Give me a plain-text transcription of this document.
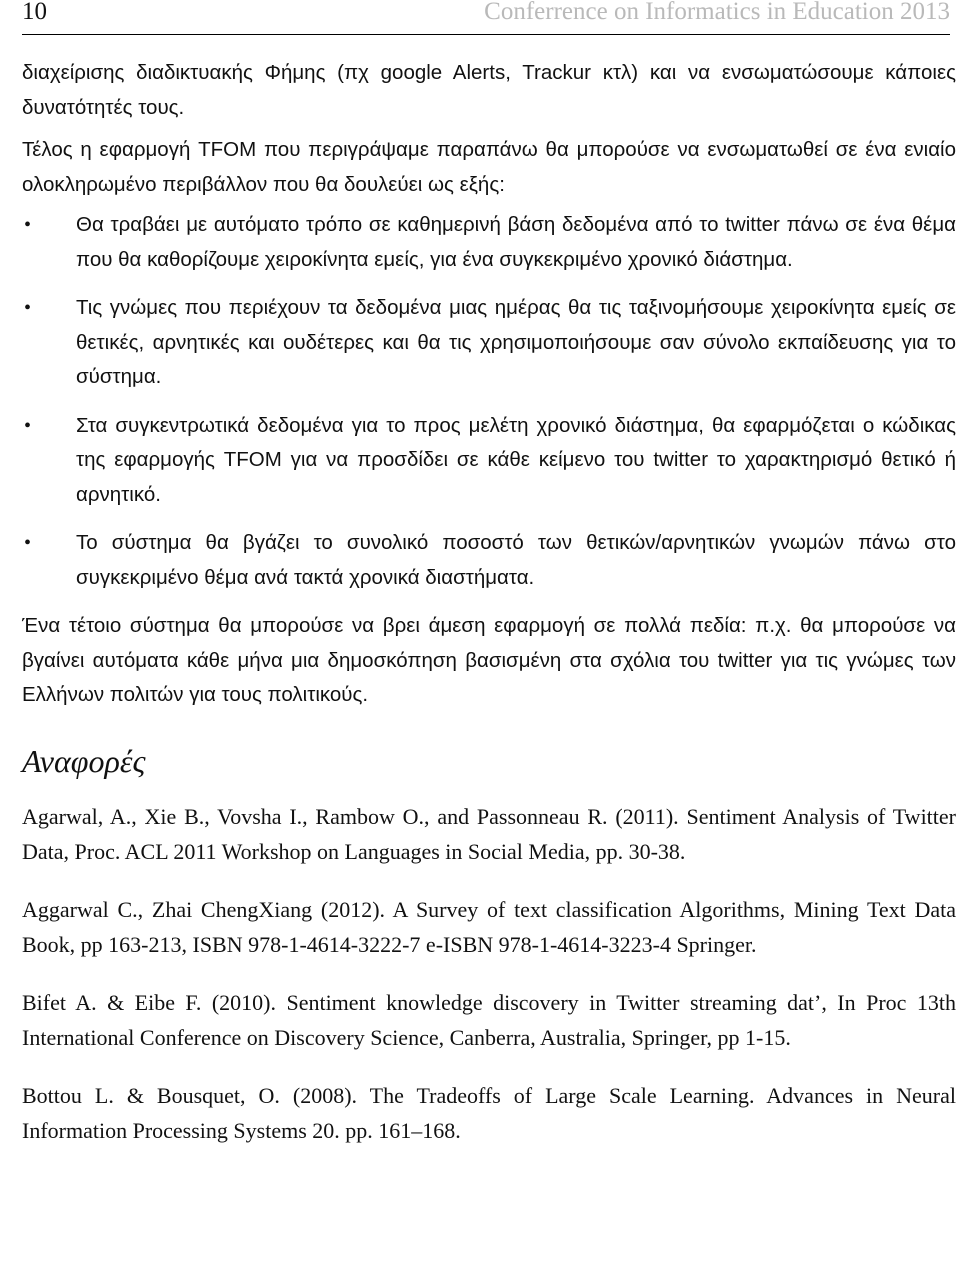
10	Conferrence on Informatics in Education 2013

διαχείρισης διαδικτυακής Φήμης (πχ google Alerts, Trackur κτλ) και να ενσωματώσουμε κάποιες δυνατότητές τους.

Τέλος η εφαρμογή TFOM που περιγράψαμε παραπάνω θα μπορούσε να ενσωματωθεί σε ένα ενιαίο ολοκληρωμένο περιβάλλον που θα δουλεύει ως εξής:

• Θα τραβάει με αυτόματο τρόπο σε καθημερινή βάση δεδομένα από το twitter πάνω σε ένα θέμα που θα καθορίζουμε χειροκίνητα εμείς, για ένα συγκεκριμένο χρονικό διάστημα.

• Τις γνώμες που περιέχουν τα δεδομένα μιας ημέρας θα τις ταξινομήσουμε χειροκίνητα εμείς σε θετικές, αρνητικές και ουδέτερες και θα τις χρησιμοποιήσουμε σαν σύνολο εκπαίδευσης για το σύστημα.

• Στα συγκεντρωτικά δεδομένα για το προς μελέτη χρονικό διάστημα, θα εφαρμόζεται ο κώδικας της εφαρμογής TFOM για να προσδίδει σε κάθε κείμενο του twitter το χαρακτηρισμό θετικό ή αρνητικό.

• Το σύστημα θα βγάζει το συνολικό ποσοστό των θετικών/αρνητικών γνωμών πάνω στο συγκεκριμένο θέμα ανά τακτά χρονικά διαστήματα.

Ένα τέτοιο σύστημα θα μπορούσε να βρει άμεση εφαρμογή σε πολλά πεδία: π.χ. θα μπορούσε να βγαίνει αυτόματα κάθε μήνα μια δημοσκόπηση βασισμένη στα σχόλια του twitter για τις γνώμες των Ελλήνων πολιτών για τους πολιτικούς.

Αναφορές

Agarwal, A., Xie B., Vovsha I., Rambow O., and Passonneau R. (2011). Sentiment Analysis of Twitter Data, Proc. ACL 2011 Workshop on Languages in Social Media, pp. 30-38.

Aggarwal C., Zhai ChengXiang (2012). A Survey of text classification Algorithms, Mining Text Data Book, pp 163-213, ISBN 978-1-4614-3222-7 e-ISBN 978-1-4614-3223-4 Springer.

Bifet A. & Eibe F. (2010). Sentiment knowledge discovery in Twitter streaming dat’, In Proc 13th International Conference on Discovery Science, Canberra, Australia, Springer, pp 1-15.

Bottou L. & Bousquet, O. (2008). The Tradeoffs of Large Scale Learning. Advances in Neural Information Processing Systems 20. pp. 161–168.
